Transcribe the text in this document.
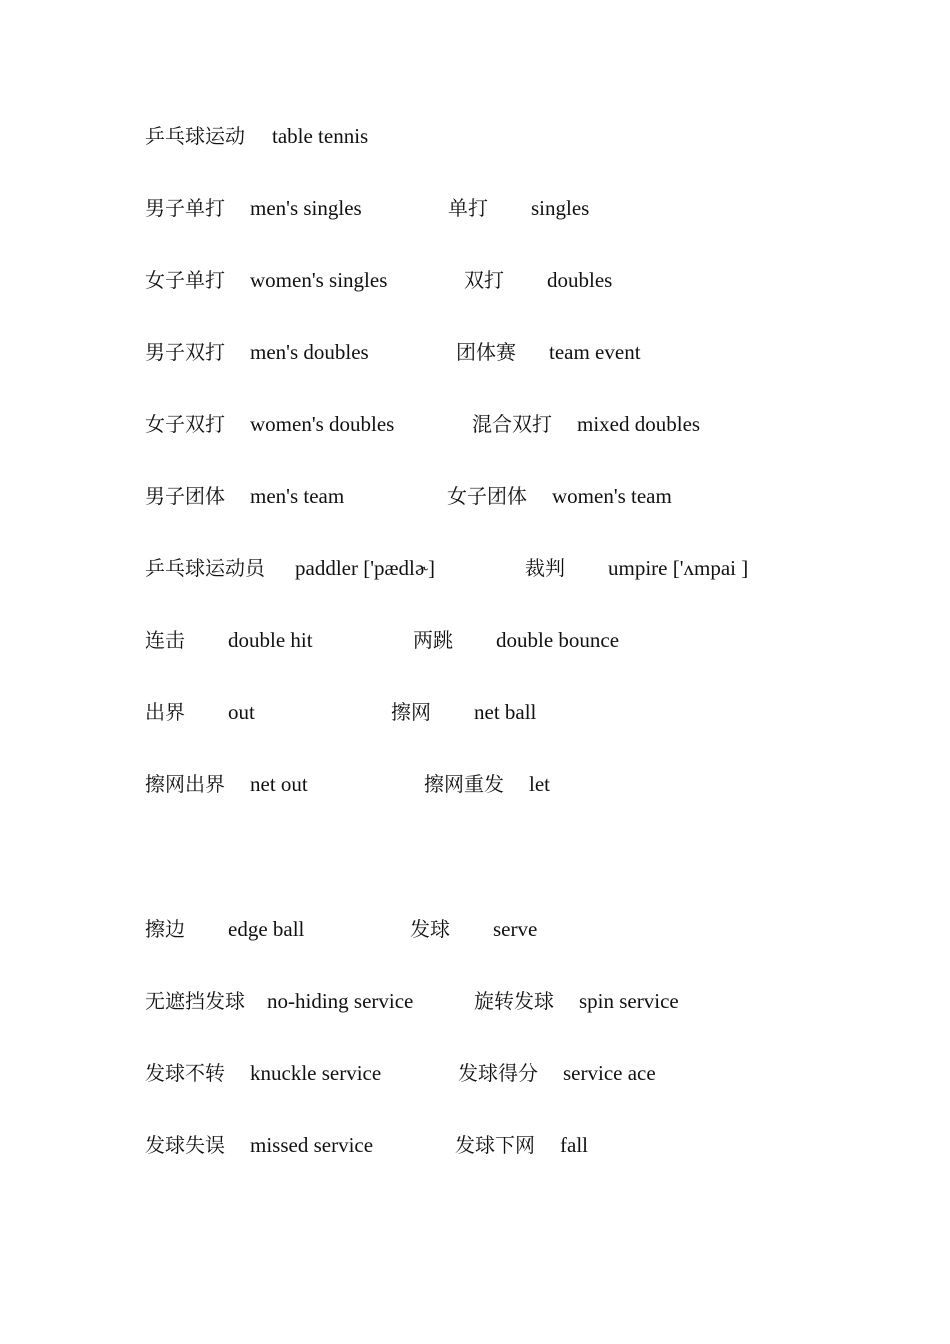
乒乓球运动 table tennis
男子单打 men's singles	单打 singles
女子单打 women's singles	双打 doubles
男子双打 men's doubles	团体赛 team event
女子双打 women's doubles	混合双打 mixed doubles
男子团体 men's team	女子团体 women's team
乒乓球运动员 paddler ['pædlɚ]	裁判 umpire ['ʌmpai ]
连击 double hit	两跳 double bounce
出界 out	擦网 net ball
擦网出界 net out	擦网重发 let
擦边 edge ball	发球 serve
无遮挡发球 no-hiding service	旋转发球 spin service
发球不转 knuckle service	发球得分 service ace
发球失误 missed service	发球下网 fall
